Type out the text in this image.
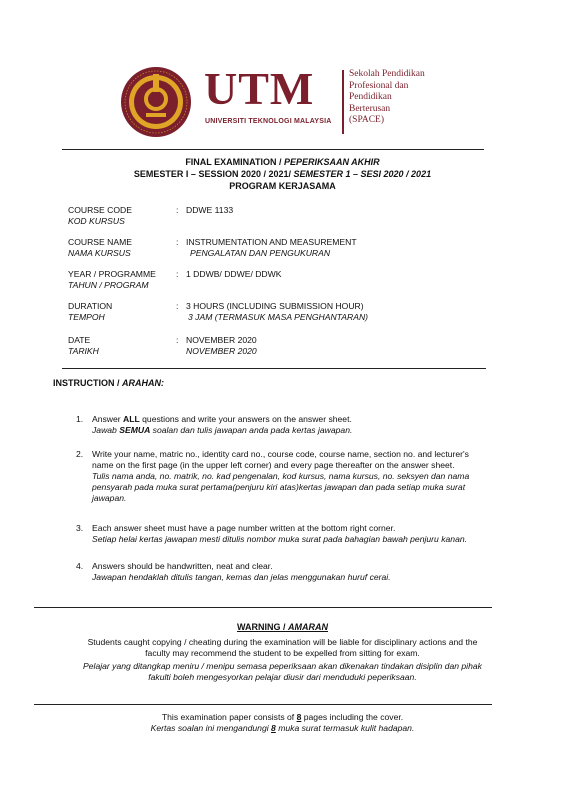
UTM
UNIVERSITI TEKNOLOGI MALAYSIA
Sekolah Pendidikan
Profesional dan
Pendidikan
Berterusan
(SPACE)
FINAL EXAMINATION / PEPERIKSAAN AKHIR
SEMESTER I – SESSION 2020 / 2021/ SEMESTER 1 – SESI 2020 / 2021
PROGRAM KERJASAMA
COURSE CODE
KOD KURSUS
: DDWE 1133
COURSE NAME
NAMA KURSUS
: INSTRUMENTATION AND MEASUREMENT
PENGALATAN DAN PENGUKURAN
YEAR / PROGRAMME
TAHUN / PROGRAM
: 1 DDWB/ DDWE/ DDWK
DURATION
TEMPOH
: 3 HOURS (INCLUDING SUBMISSION HOUR)
3 JAM (TERMASUK MASA PENGHANTARAN)
DATE
TARIKH
: NOVEMBER 2020
NOVEMBER 2020
INSTRUCTION / ARAHAN:
1. Answer ALL questions and write your answers on the answer sheet.
Jawab SEMUA soalan dan tulis jawapan anda pada kertas jawapan.
2. Write your name, matric no., identity card no., course code, course name, section no. and lecturer's
name on the first page (in the upper left corner) and every page thereafter on the answer sheet.
Tulis nama anda, no. matrik, no. kad pengenalan, kod kursus, nama kursus, no. seksyen dan nama
pensyarah pada muka surat pertama(penjuru kiri atas)kertas jawapan dan pada setiap muka surat
jawapan.
3. Each answer sheet must have a page number written at the bottom right corner.
Setiap helai kertas jawapan mesti ditulis nombor muka surat pada bahagian bawah penjuru kanan.
4. Answers should be handwritten, neat and clear.
Jawapan hendaklah ditulis tangan, kemas dan jelas menggunakan huruf cerai.
WARNING / AMARAN
Students caught copying / cheating during the examination will be liable for disciplinary actions and the
faculty may recommend the student to be expelled from sitting for exam.
Pelajar yang ditangkap meniru / menipu semasa peperiksaan akan dikenakan tindakan disiplin dan pihak
fakulti boleh mengesyorkan pelajar diusir dari menduduki peperiksaan.
This examination paper consists of 8 pages including the cover.
Kertas soalan ini mengandungi 8 muka surat termasuk kulit hadapan.
